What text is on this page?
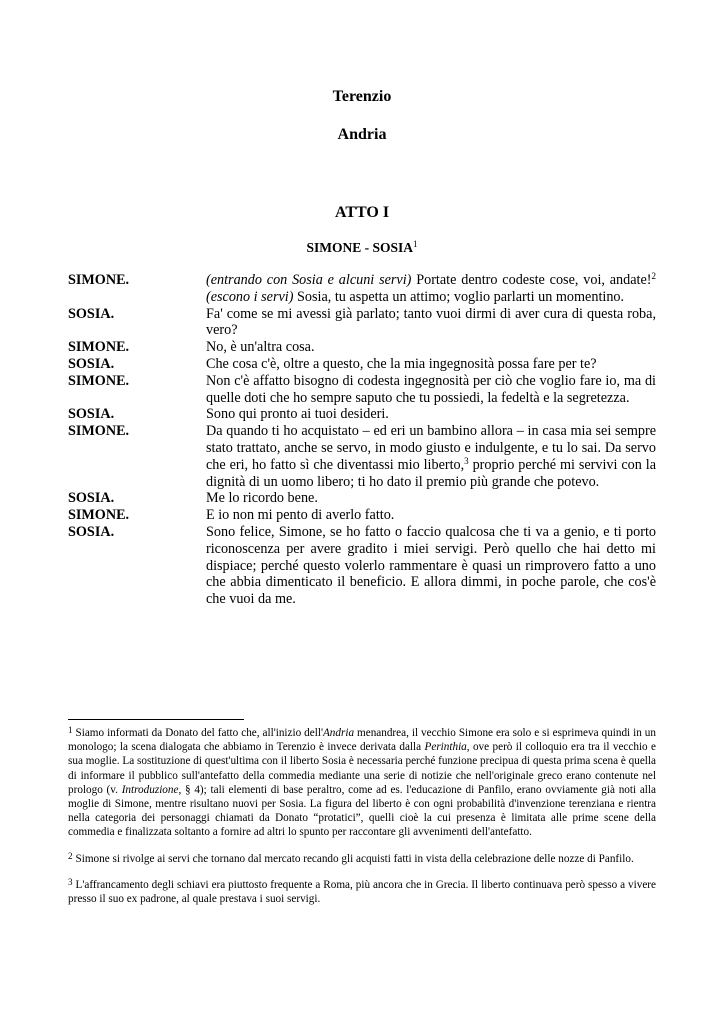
Terenzio
Andria
ATTO I
SIMONE - SOSIA$^1$
SIMONE.	(entrando con Sosia e alcuni servi) Portate dentro codeste cose, voi, andate!$^2$ (escono i servi) Sosia, tu aspetta un attimo; voglio parlarti un momentino.
SOSIA.	Fa' come se mi avessi già parlato; tanto vuoi dirmi di aver cura di questa roba, vero?
SIMONE.	No, è un'altra cosa.
SOSIA.	Che cosa c'è, oltre a questo, che la mia ingegnosità possa fare per te?
SIMONE.	Non c'è affatto bisogno di codesta ingegnosità per ciò che voglio fare io, ma di quelle doti che ho sempre saputo che tu possiedi, la fedeltà e la segretezza.
SOSIA.	Sono qui pronto ai tuoi desideri.
SIMONE.	Da quando ti ho acquistato – ed eri un bambino allora – in casa mia sei sempre stato trattato, anche se servo, in modo giusto e indulgente, e tu lo sai. Da servo che eri, ho fatto sì che diventassi mio liberto,$^3$ proprio perché mi servivi con la dignità di un uomo libero; ti ho dato il premio più grande che potevo.
SOSIA.	Me lo ricordo bene.
SIMONE.	E io non mi pento di averlo fatto.
SOSIA.	Sono felice, Simone, se ho fatto o faccio qualcosa che ti va a genio, e ti porto riconoscenza per avere gradito i miei servigi. Però quello che hai detto mi dispiace; perché questo volerlo rammentare è quasi un rimprovero fatto a uno che abbia dimenticato il beneficio. E allora dimmi, in poche parole, che cos'è che vuoi da me.
$^1$ Siamo informati da Donato del fatto che, all'inizio dell'Andria menandrea, il vecchio Simone era solo e si esprimeva quindi in un monologo; la scena dialogata che abbiamo in Terenzio è invece derivata dalla Perinthia, ove però il colloquio era tra il vecchio e sua moglie. La sostituzione di quest'ultima con il liberto Sosia è necessaria perché funzione precipua di questa prima scena è quella di informare il pubblico sull'antefatto della commedia mediante una serie di notizie che nell'originale greco erano contenute nel prologo (v. Introduzione, § 4); tali elementi di base peraltro, come ad es. l'educazione di Panfilo, erano ovviamente già noti alla moglie di Simone, mentre risultano nuovi per Sosia. La figura del liberto è con ogni probabilità d'invenzione terenziana e rientra nella categoria dei personaggi chiamati da Donato “protatici”, quelli cioè la cui presenza è limitata alle prime scene della commedia e finalizzata soltanto a fornire ad altri lo spunto per raccontare gli avvenimenti dell'antefatto.
$^2$ Simone si rivolge ai servi che tornano dal mercato recando gli acquisti fatti in vista della celebrazione delle nozze di Panfilo.
$^3$ L'affrancamento degli schiavi era piuttosto frequente a Roma, più ancora che in Grecia. Il liberto continuava però spesso a vivere presso il suo ex padrone, al quale prestava i suoi servigi.
